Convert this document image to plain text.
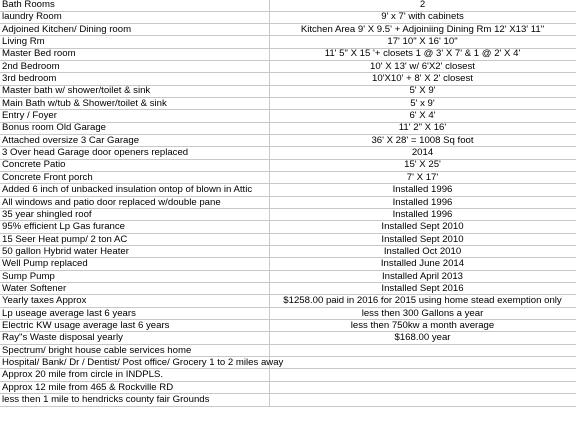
Bath Rooms	2
laundry Room	9' x 7' with cabinets
Adjoined Kitchen/ Dining room	Kitchen Area 9' X 9.5' + Adjoiniing Dining Rm 12' X13' 11"
Living Rm	17' 10" X 16' 10"
Master Bed room	11' 5" X 15 '+ closets 1 @ 3' X 7' & 1 @ 2' X 4'
2nd Bedroom	10' X 13' w/ 6'X2' closest
3rd bedroom	10'X10' + 8' X 2' closest
Master bath w/ shower/toilet & sink	5' X 9'
Main Bath w/tub & Shower/toilet & sink	5' x 9'
Entry / Foyer	6' X 4'
Bonus room Old Garage	11' 2" X 16'
Attached oversize 3 Car Garage	36' X 28' = 1008 Sq foot
3 Over head Garage door openers replaced	2014
Concrete Patio	15' X 25'
Concrete Front porch	7' X 17'
Added 6 inch of unbacked insulation ontop of blown in Attic	Installed 1996
All windows and patio door replaced w/double pane	Installed 1996
35 year shingled roof	Installed 1996
95% efficient Lp Gas furance	Installed Sept 2010
15 Seer Heat pump/ 2 ton AC	Installed Sept 2010
50 gallon Hybrid water Heater	Installed Oct 2010
Well Pump replaced	Installed June 2014
Sump Pump	Installed April 2013
Water Softener	Installed Sept 2016
Yearly taxes Approx	$1258.00 paid in 2016 for 2015 using home stead exemption only
Lp useage average last 6 years	less then 300 Gallons a year
Electric KW usage average last 6 years	less then 750kw a month average
Ray"s Waste disposal yearly	$168.00 year
Spectrum/ bright house cable services home	
Hospital/ Bank/ Dr / Dentist/ Post office/ Grocery 1 to 2 miles away	
Approx 20 mile from circle in INDPLS.	
Approx 12 mile from 465 & Rockville RD	
less then 1 mile to hendricks county fair Grounds	
